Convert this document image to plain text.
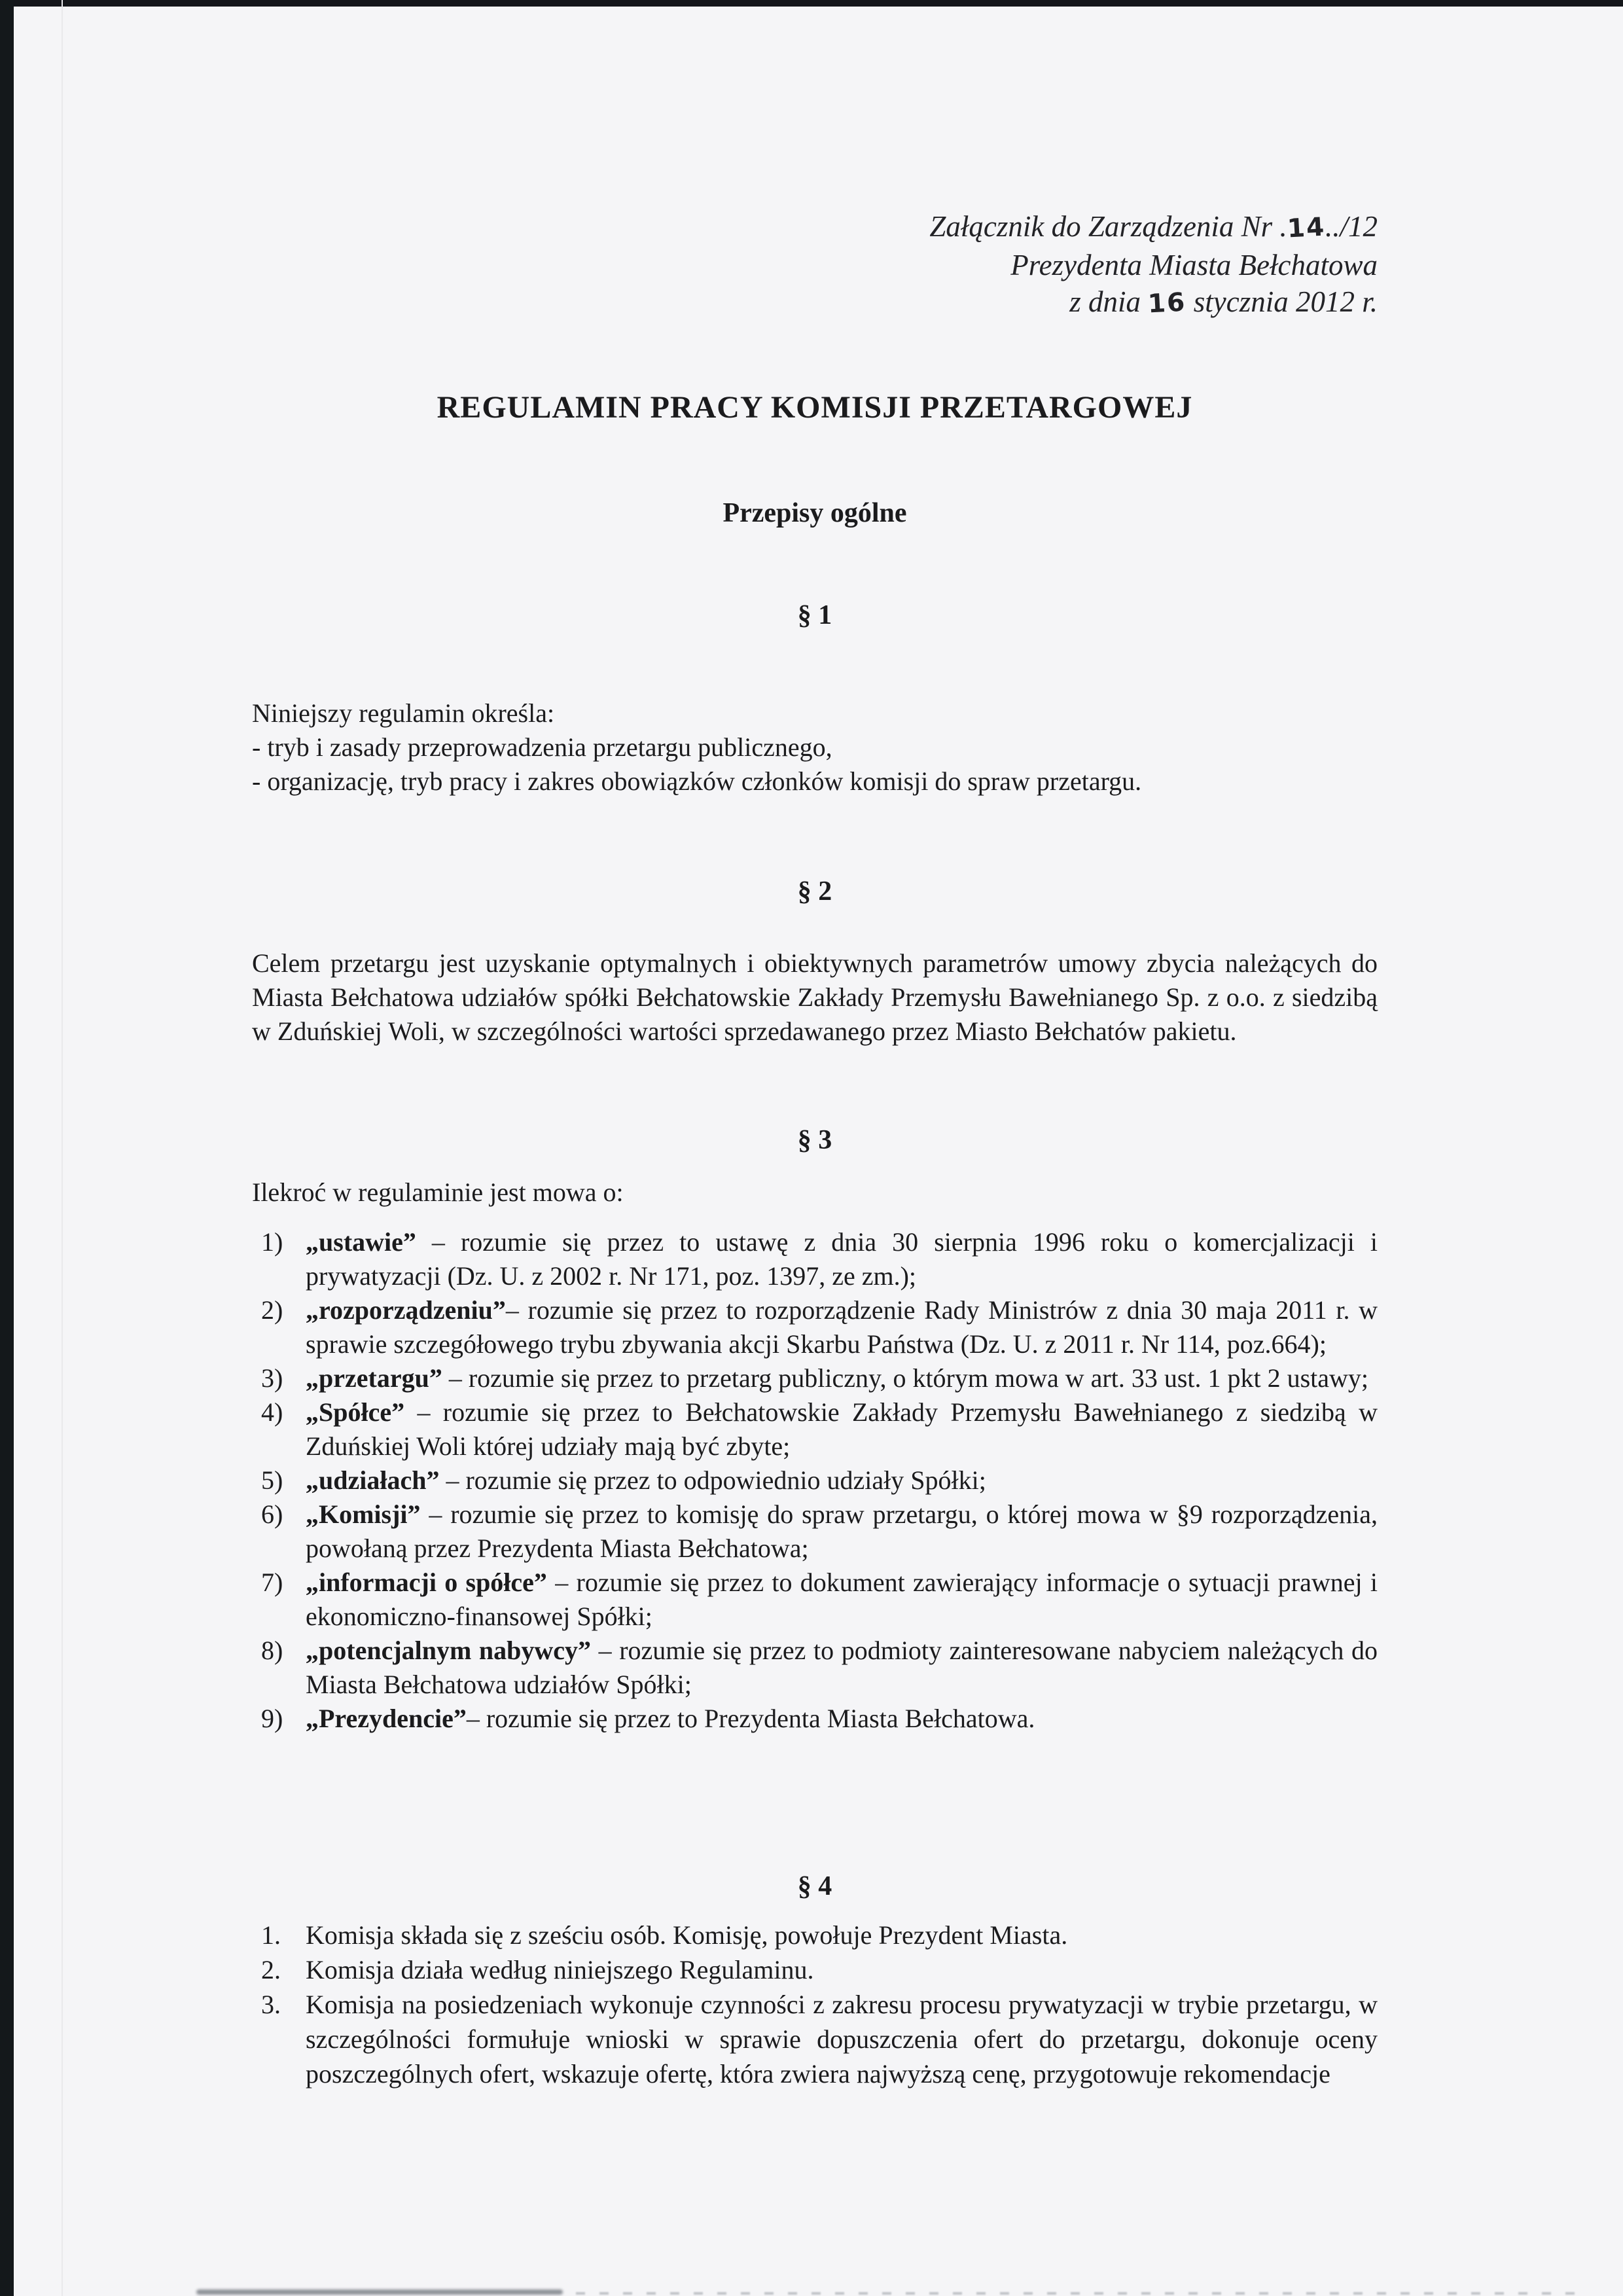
Załącznik do Zarządzenia Nr .14../12
Prezydenta Miasta Bełchatowa
z dnia 16 stycznia 2012 r.
REGULAMIN PRACY KOMISJI PRZETARGOWEJ
Przepisy ogólne
§ 1
Niniejszy regulamin określa:
- tryb i zasady przeprowadzenia przetargu publicznego,
- organizację, tryb pracy i zakres obowiązków członków komisji do spraw przetargu.
§ 2
Celem przetargu jest uzyskanie optymalnych i obiektywnych parametrów umowy zbycia należących do Miasta Bełchatowa udziałów spółki Bełchatowskie Zakłady Przemysłu Bawełnianego Sp. z o.o. z siedzibą w Zduńskiej Woli, w szczególności wartości sprzedawanego przez Miasto Bełchatów pakietu.
§ 3
Ilekroć w regulaminie jest mowa o:
1) „ustawie” – rozumie się przez to ustawę z dnia 30 sierpnia 1996 roku o komercjalizacji i prywatyzacji (Dz. U. z 2002 r. Nr 171, poz. 1397, ze zm.);
2) „rozporządzeniu”– rozumie się przez to rozporządzenie Rady Ministrów z dnia 30 maja 2011 r. w sprawie szczegółowego trybu zbywania akcji Skarbu Państwa (Dz. U. z 2011 r. Nr 114, poz.664);
3) „przetargu” – rozumie się przez to przetarg publiczny, o którym mowa w art. 33 ust. 1 pkt 2 ustawy;
4) „Spółce” – rozumie się przez to Bełchatowskie Zakłady Przemysłu Bawełnianego z siedzibą w Zduńskiej Woli której udziały mają być zbyte;
5) „udziałach” – rozumie się przez to odpowiednio udziały Spółki;
6) „Komisji” – rozumie się przez to komisję do spraw przetargu, o której mowa w §9 rozporządzenia, powołaną przez Prezydenta Miasta Bełchatowa;
7) „informacji o spółce” – rozumie się przez to dokument zawierający informacje o sytuacji prawnej i ekonomiczno-finansowej Spółki;
8) „potencjalnym nabywcy” – rozumie się przez to podmioty zainteresowane nabyciem należących do Miasta Bełchatowa udziałów Spółki;
9) „Prezydencie”– rozumie się przez to Prezydenta Miasta Bełchatowa.
§ 4
1. Komisja składa się z sześciu osób. Komisję, powołuje Prezydent Miasta.
2. Komisja działa według niniejszego Regulaminu.
3. Komisja na posiedzeniach wykonuje czynności z zakresu procesu prywatyzacji w trybie przetargu, w szczególności formułuje wnioski w sprawie dopuszczenia ofert do przetargu, dokonuje oceny poszczególnych ofert, wskazuje ofertę, która zwiera najwyższą cenę, przygotowuje rekomendacje
